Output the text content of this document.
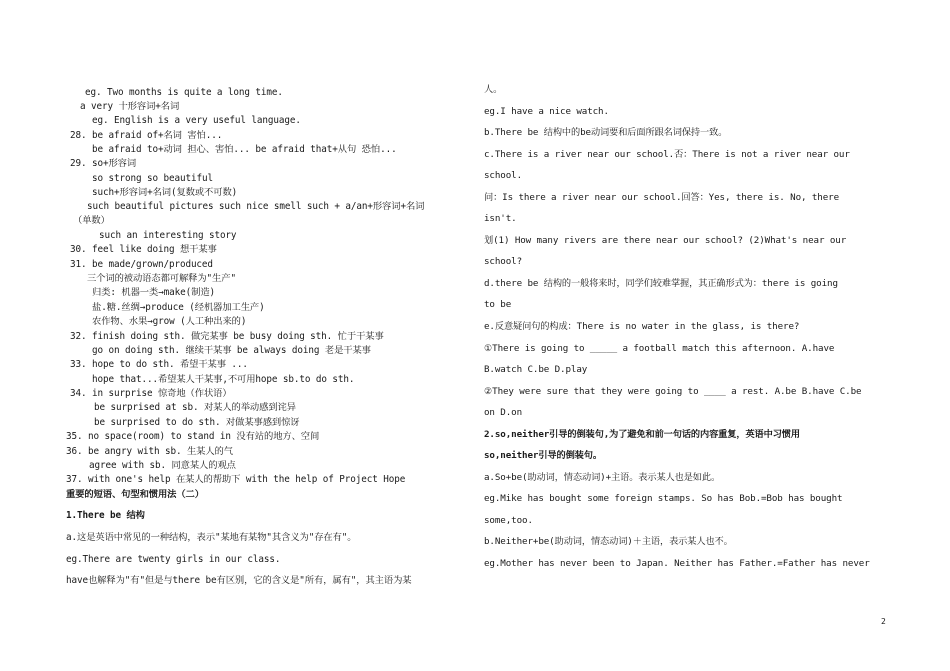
eg. Two months is quite a long time.
a very 十形容词+名词
eg. English is a very useful language.
28. be afraid of+名词 害怕...
be afraid to+动词 担心、害怕... be afraid that+从句 恐怕...
29. so+形容词
so strong so beautiful
such+形容词+名词(复数或不可数)
such beautiful pictures such nice smell such + a/an+形容词+名词
（单数）
such an interesting story
30. feel like doing 想干某事
31. be made/grown/produced
三个词的被动语态都可解释为"生产"
归类: 机器一类→make(制造)
盐.糖.丝绸→produce (经机器加工生产)
农作物、水果→grow (人工种出来的)
32. finish doing sth. 做完某事 be busy doing sth. 忙于干某事
go on doing sth. 继续干某事 be always doing 老是干某事
33. hope to do sth. 希望干某事 ...
hope that...希望某人干某事,不可用hope sb.to do sth.
34. in surprise 惊奇地（作状语）
be surprised at sb. 对某人的举动感到诧异
be surprised to do sth. 对做某事感到惊讶
35. no space(room) to stand in 没有站的地方、空间
36. be angry with sb. 生某人的气
agree with sb. 同意某人的观点
37. with one's help 在某人的帮助下 with the help of Project Hope
重要的短语、句型和惯用法（二）
1.There be 结构
a.这是英语中常见的一种结构，表示"某地有某物"其含义为"存在有"。
eg.There are twenty girls in our class.
have也解释为"有"但是与there be有区别，它的含义是"所有，属有"，其主语为某
人。
eg.I have a nice watch.
b.There be 结构中的be动词要和后面所跟名词保持一致。
c.There is a river near our school.否：There is not a river near our
school.
问：Is there a river near our school.回答：Yes, there is. No, there
isn't.
划(1) How many rivers are there near our school? (2)What's near our
school?
d.there be 结构的一般将来时，同学们较难掌握，其正确形式为：there is going
to be
e.反意疑问句的构成：There is no water in the glass, is there?
①There is going to _____ a football match this afternoon. A.have
B.watch C.be D.play
②They were sure that they were going to ____ a rest. A.be B.have C.be
on D.on
2.so,neither引导的倒装句,为了避免和前一句话的内容重复，英语中习惯用
so,neither引导的倒装句。
a.So+be(助动词，情态动词)+主语。表示某人也是如此。
eg.Mike has bought some foreign stamps. So has Bob.=Bob has bought
some,too.
b.Neither+be(助动词，情态动词)＋主语，表示某人也不。
eg.Mother has never been to Japan. Neither has Father.=Father has never
2
